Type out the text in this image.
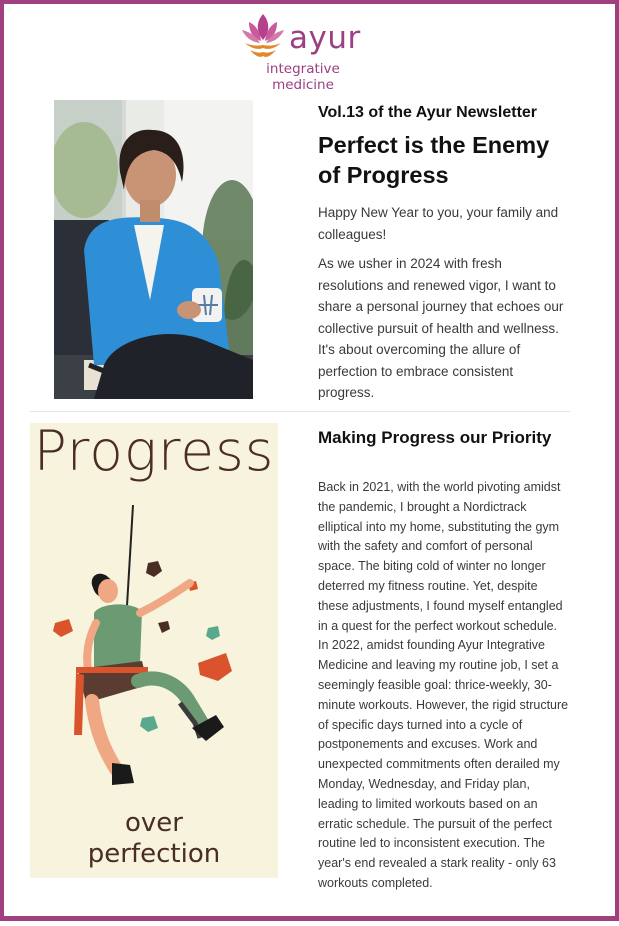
ayur
integrative medicine
Vol.13 of the Ayur Newsletter
Perfect is the Enemy of Progress
Happy New Year to you, your family and colleagues!
As we usher in 2024 with fresh resolutions and renewed vigor, I want to share a personal journey that echoes our collective pursuit of health and wellness. It's about overcoming the allure of perfection to embrace consistent progress.
Progress
over
perfection
Making Progress our Priority
Back in 2021, with the world pivoting amidst the pandemic, I brought a Nordictrack elliptical into my home, substituting the gym with the safety and comfort of personal space. The biting cold of winter no longer deterred my fitness routine. Yet, despite these adjustments, I found myself entangled in a quest for the perfect workout schedule.
In 2022, amidst founding Ayur Integrative Medicine and leaving my routine job, I set a seemingly feasible goal: thrice-weekly, 30-minute workouts. However, the rigid structure of specific days turned into a cycle of postponements and excuses. Work and unexpected commitments often derailed my Monday, Wednesday, and Friday plan, leading to limited workouts based on an erratic schedule. The pursuit of the perfect routine led to inconsistent execution. The year's end revealed a stark reality - only 63 workouts completed.
